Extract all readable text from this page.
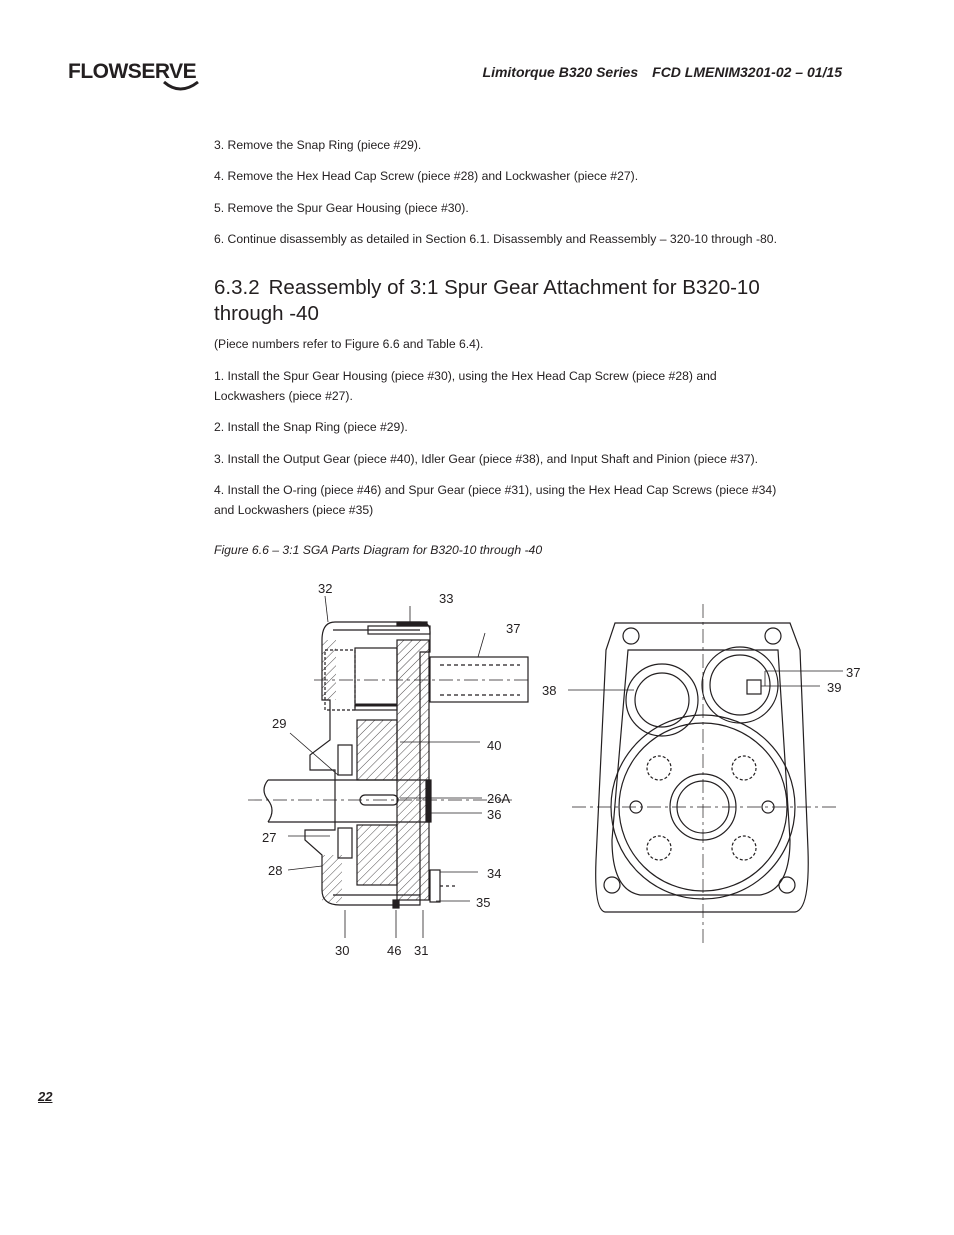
FLOWSERVE	Limitorque B320 Series FCD LMENIM3201-02 – 01/15
3. Remove the Snap Ring (piece #29).
4. Remove the Hex Head Cap Screw (piece #28) and Lockwasher (piece #27).
5. Remove the Spur Gear Housing (piece #30).
6. Continue disassembly as detailed in Section 6.1. Disassembly and Reassembly – 320-10 through -80.
6.3.2 Reassembly of 3:1 Spur Gear Attachment for B320-10 through -40
(Piece numbers refer to Figure 6.6 and Table 6.4).
1. Install the Spur Gear Housing (piece #30), using the Hex Head Cap Screw (piece #28) and
Lockwashers (piece #27).
2. Install the Snap Ring (piece #29).
3. Install the Output Gear (piece #40), Idler Gear (piece #38), and Input Shaft and Pinion (piece #37).
4. Install the O-ring (piece #46) and Spur Gear (piece #31), using the Hex Head Cap Screws (piece #34)
and Lockwashers (piece #35)
Figure 6.6 – 3:1 SGA Parts Diagram for B320-10 through -40
32
33
37
29
40
26A
36
27
28	34
35
30	46 31
38
37
39
22
